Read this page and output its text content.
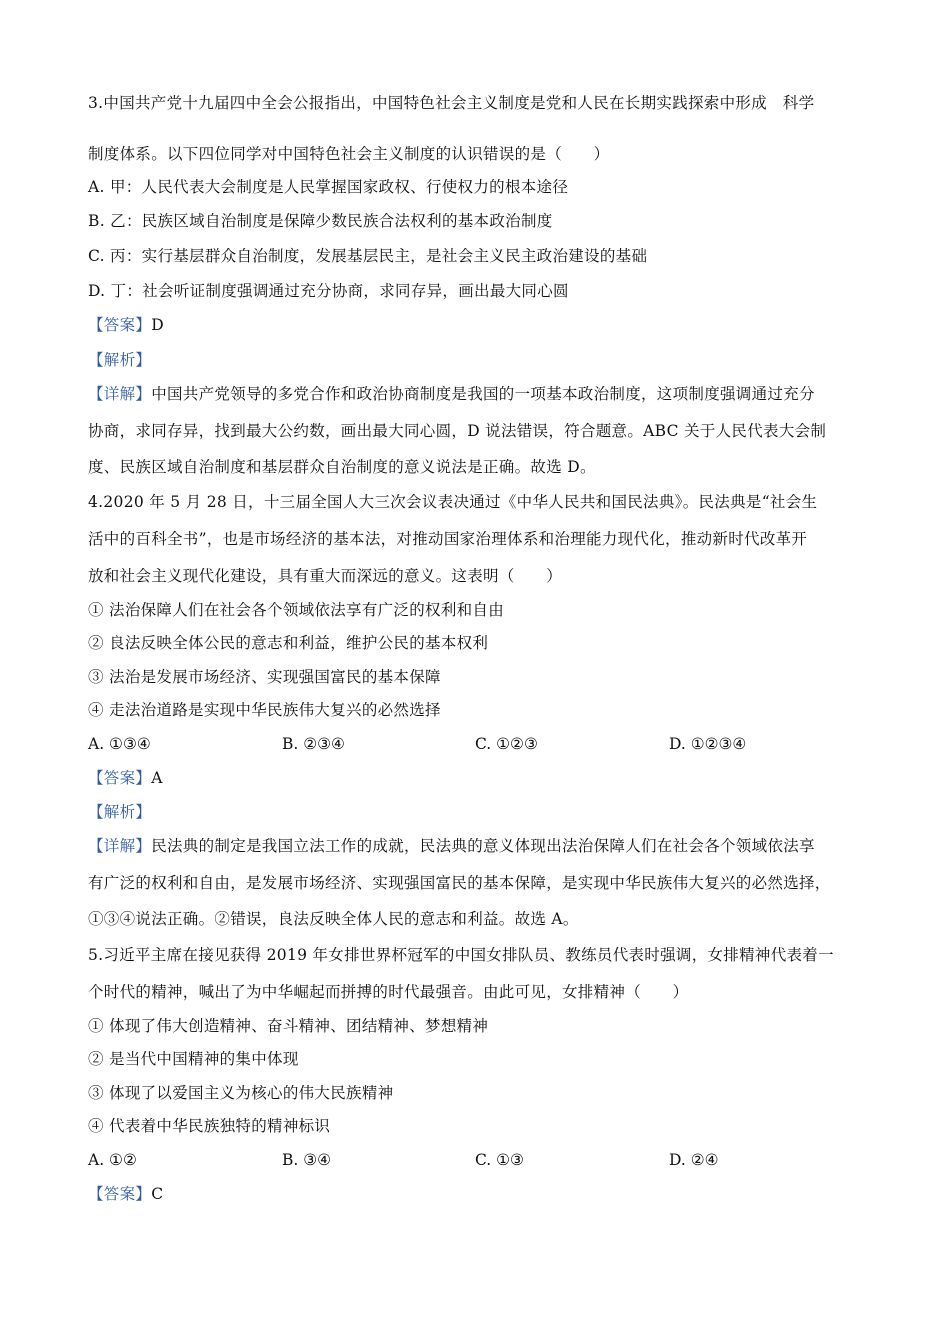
3.中国共产党十九届四中全会公报指出，中国特色社会主义制度是党和人民在长期实践探索中形成　科学
制度体系。以下四位同学对中国特色社会主义制度的认识错误的是（　　）
A. 甲：人民代表大会制度是人民掌握国家政权、行使权力的根本途径
B. 乙：民族区域自治制度是保障少数民族合法权利的基本政治制度
C. 丙：实行基层群众自治制度，发展基层民主，是社会主义民主政治建设的基础
D. 丁：社会听证制度强调通过充分协商，求同存异，画出最大同心圆
【答案】D
【解析】
【详解】中国共产党领导的多党合作和政治协商制度是我国的一项基本政治制度，这项制度强调通过充分
协商，求同存异，找到最大公约数，画出最大同心圆，D 说法错误，符合题意。ABC 关于人民代表大会制
度、民族区域自治制度和基层群众自治制度的意义说法是正确。故选 D。
4.2020 年 5 月 28 日，十三届全国人大三次会议表决通过《中华人民共和国民法典》。民法典是“社会生
活中的百科全书”，也是市场经济的基本法，对推动国家治理体系和治理能力现代化，推动新时代改革开
放和社会主义现代化建设，具有重大而深远的意义。这表明（　　）
① 法治保障人们在社会各个领域依法享有广泛的权利和自由
② 良法反映全体公民的意志和利益，维护公民的基本权利
③ 法治是发展市场经济、实现强国富民的基本保障
④ 走法治道路是实现中华民族伟大复兴的必然选择
A. ①③④	B. ②③④	C. ①②③	D. ①②③④
【答案】A
【解析】
【详解】民法典的制定是我国立法工作的成就，民法典的意义体现出法治保障人们在社会各个领域依法享
有广泛的权利和自由，是发展市场经济、实现强国富民的基本保障，是实现中华民族伟大复兴的必然选择，
①③④说法正确。②错误，良法反映全体人民的意志和利益。故选 A。
5.习近平主席在接见获得 2019 年女排世界杯冠军的中国女排队员、教练员代表时强调，女排精神代表着一
个时代的精神，喊出了为中华崛起而拼搏的时代最强音。由此可见，女排精神（　　）
① 体现了伟大创造精神、奋斗精神、团结精神、梦想精神
② 是当代中国精神的集中体现
③ 体现了以爱国主义为核心的伟大民族精神
④ 代表着中华民族独特的精神标识
A. ①②	B. ③④	C. ①③	D. ②④
【答案】C
